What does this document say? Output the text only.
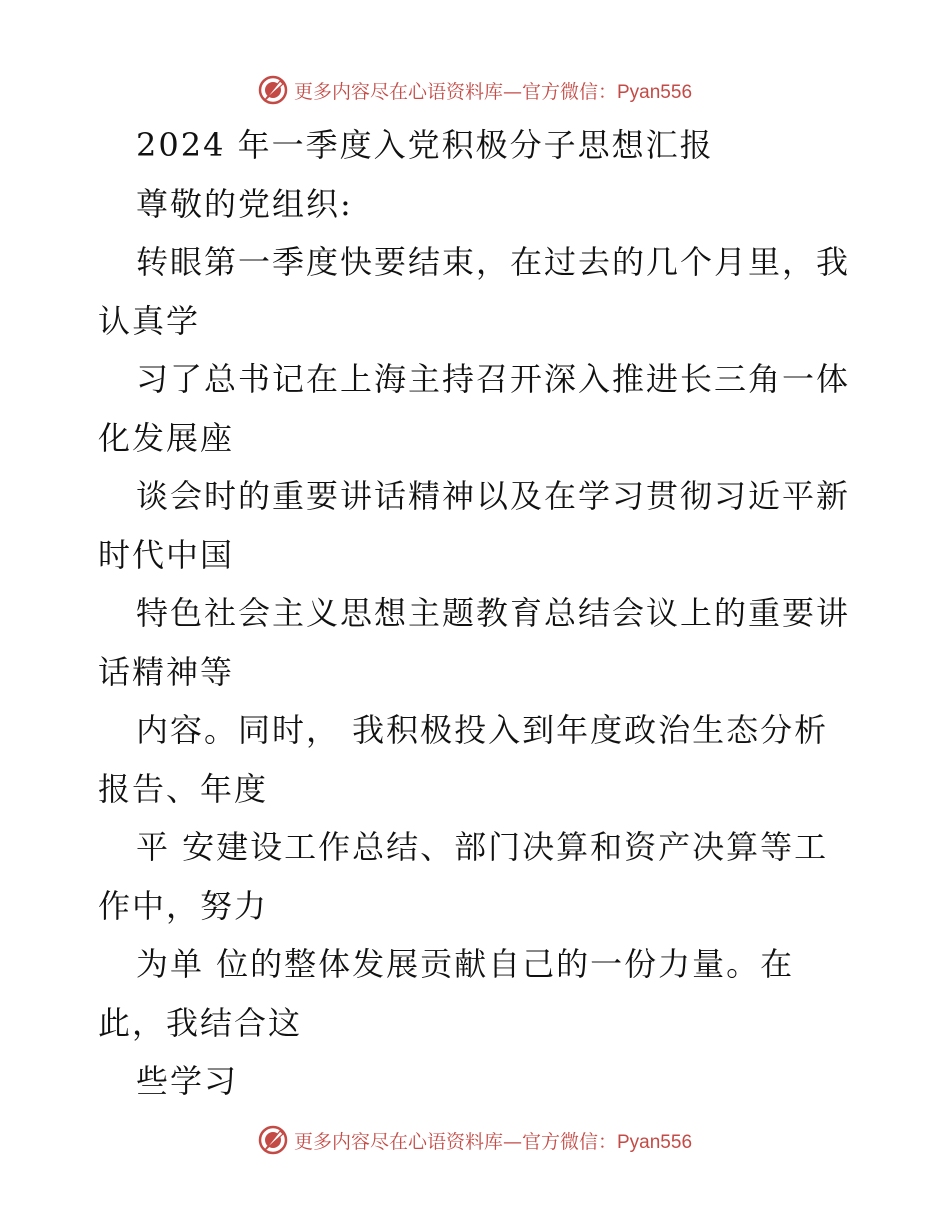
更多内容尽在心语资料库—官方微信：Pyan556
2024 年一季度入党积极分子思想汇报
尊敬的党组织:
转眼第一季度快要结束，在过去的几个月里，我
认真学
习了总书记在上海主持召开深入推进长三角一体
化发展座
谈会时的重要讲话精神以及在学习贯彻习近平新
时代中国
特色社会主义思想主题教育总结会议上的重要讲
话精神等
内容。同时， 我积极投入到年度政治生态分析
报告、年度
平 安建设工作总结、部门决算和资产决算等工
作中，努力
为单 位的整体发展贡献自己的一份力量。在
此，我结合这
些学习
更多内容尽在心语资料库—官方微信：Pyan556
